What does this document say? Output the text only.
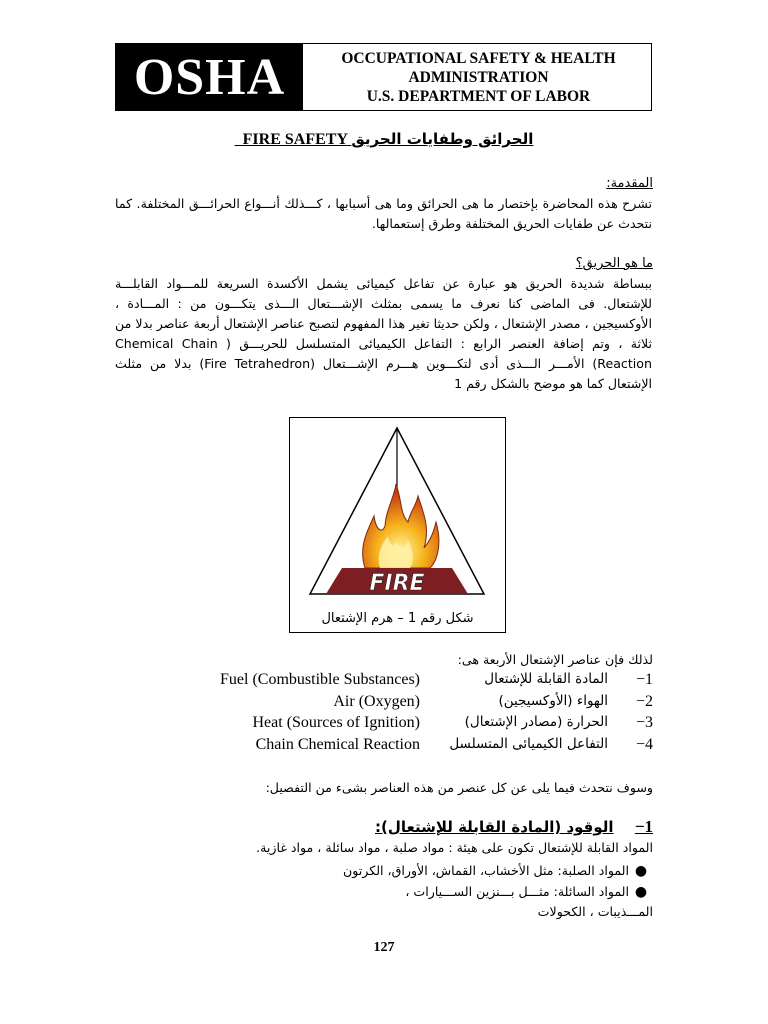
OSHA	OCCUPATIONAL SAFETY & HEALTH
ADMINISTRATION
U.S. DEPARTMENT OF LABOR
FIRE SAFETY الحرائق وطفايات الحريق
المقدمة:
تشرح هذه المحاضرة بإختصار ما هى الحرائق وما هى أسبابها ، كـــذلك أنـــواع الحرائـــق المختلفة. كما نتحدث عن طفايات الحريق المختلفة وطرق إستعمالها.
ما هو الحريق؟
ببساطة شديدة الحريق هو عبارة عن تفاعل كيميائى يشمل الأكسدة السريعة للمـــواد القابلـــة للإشتعال. فى الماضى كنا نعرف ما يسمى بمثلث الإشـــتعال الـــذى يتكـــون من : المـــادة ، الأوكسيجين ، مصدر الإشتعال ، ولكن حديثا تغير هذا المفهوم لتصبح عناصر الإشتعال أربعة عناصر بدلا من ثلاثة ، وتم إضافة العنصر الرابع : التفاعل الكيميائى المتسلسل للحريـــق ( Chemical Chain Reaction) الأمـــر الـــذى أدى لتكـــوين هـــرم الإشـــتعال (Fire Tetrahedron) بدلا من مثلث الإشتعال كما هو موضح بالشكل رقم 1
FIRE
شكل رقم 1 – هرم الإشتعال
لذلك فإن عناصر الإشتعال الأربعة هى:
Fuel (Combustible Substances)	المادة القابلة للإشتعال −1
Air (Oxygen)	الهواء (الأوكسيجين) −2
Heat (Sources of Ignition)	الحرارة (مصادر الإشتعال) −3
Chain Chemical Reaction التفاعل الكيميائى المتسلسل −4
وسوف نتحدث فيما يلى عن كل عنصر من هذه العناصر بشىء من التفصيل:
1−     الوقود (المادة القابلة للإشتعال):
المواد القابلة للإشتعال تكون على هيئة : مواد صلبة ، مواد سائلة ، مواد غازية.
●المواد الصلبة: مثل الأخشاب، القماش، الأوراق، الكرتون
●المواد السائلة: مثـــل بـــنزين الســـيارات ، المـــذيبات ، الكحولات
127
